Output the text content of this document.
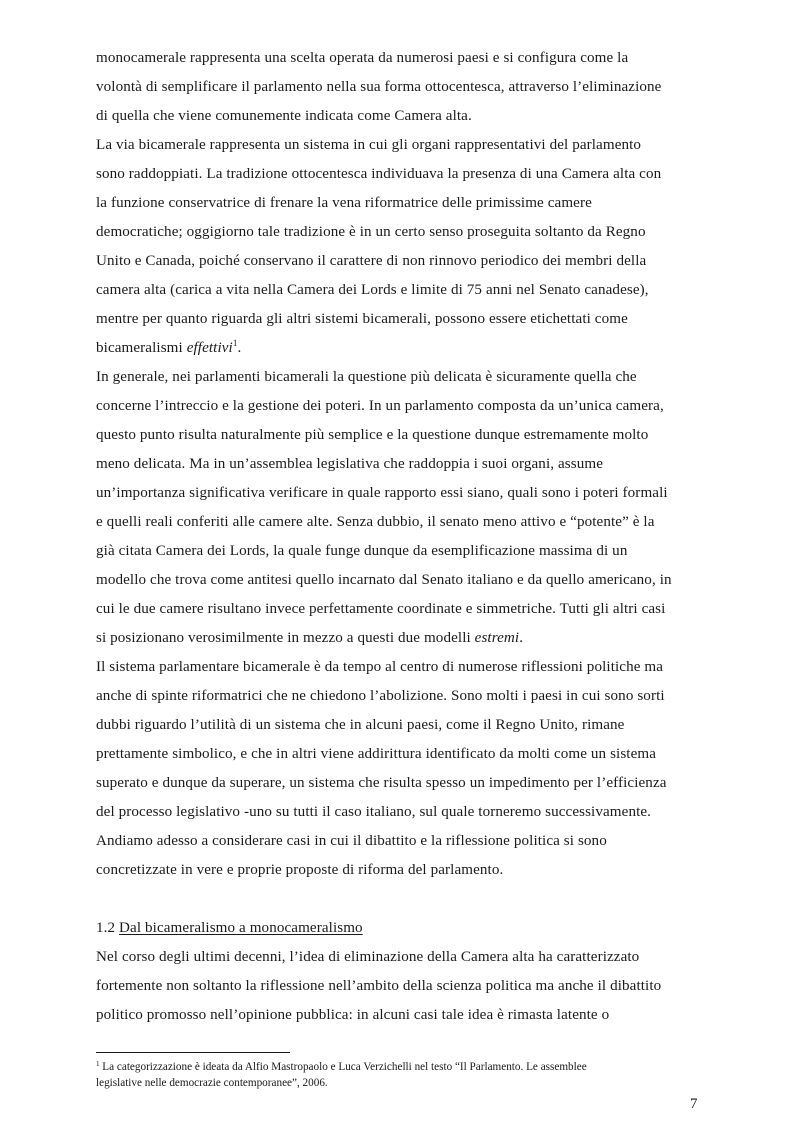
monocamerale rappresenta una scelta operata da numerosi paesi e si configura come la
volontà di semplificare il parlamento nella sua forma ottocentesca, attraverso l’eliminazione
di quella che viene comunemente indicata come Camera alta.
La via bicamerale rappresenta un sistema in cui gli organi rappresentativi del parlamento
sono raddoppiati. La tradizione ottocentesca individuava la presenza di una Camera alta con
la funzione conservatrice di frenare la vena riformatrice delle primissime camere
democratiche; oggigiorno tale tradizione è in un certo senso proseguita soltanto da Regno
Unito e Canada, poiché conservano il carattere di non rinnovo periodico dei membri della
camera alta (carica a vita nella Camera dei Lords e limite di 75 anni nel Senato canadese),
mentre per quanto riguarda gli altri sistemi bicamerali, possono essere etichettati come
bicameralismi effettivi$^1$.
In generale, nei parlamenti bicamerali la questione più delicata è sicuramente quella che
concerne l’intreccio e la gestione dei poteri. In un parlamento composta da un’unica camera,
questo punto risulta naturalmente più semplice e la questione dunque estremamente molto
meno delicata. Ma in un’assemblea legislativa che raddoppia i suoi organi, assume
un’importanza significativa verificare in quale rapporto essi siano, quali sono i poteri formali
e quelli reali conferiti alle camere alte. Senza dubbio, il senato meno attivo e “potente” è la
già citata Camera dei Lords, la quale funge dunque da esemplificazione massima di un
modello che trova come antitesi quello incarnato dal Senato italiano e da quello americano, in
cui le due camere risultano invece perfettamente coordinate e simmetriche. Tutti gli altri casi
si posizionano verosimilmente in mezzo a questi due modelli estremi.
Il sistema parlamentare bicamerale è da tempo al centro di numerose riflessioni politiche ma
anche di spinte riformatrici che ne chiedono l’abolizione. Sono molti i paesi in cui sono sorti
dubbi riguardo l’utilità di un sistema che in alcuni paesi, come il Regno Unito, rimane
prettamente simbolico, e che in altri viene addirittura identificato da molti come un sistema
superato e dunque da superare, un sistema che risulta spesso un impedimento per l’efficienza
del processo legislativo -uno su tutti il caso italiano, sul quale torneremo successivamente.
Andiamo adesso a considerare casi in cui il dibattito e la riflessione politica si sono
concretizzate in vere e proprie proposte di riforma del parlamento.
1.2 Dal bicameralismo a monocameralismo
Nel corso degli ultimi decenni, l’idea di eliminazione della Camera alta ha caratterizzato
fortemente non soltanto la riflessione nell’ambito della scienza politica ma anche il dibattito
politico promosso nell’opinione pubblica: in alcuni casi tale idea è rimasta latente o
$^1$ La categorizzazione è ideata da Alfio Mastropaolo e Luca Verzichelli nel testo “Il Parlamento. Le assemblee
legislative nelle democrazie contemporanee”, 2006.
7
